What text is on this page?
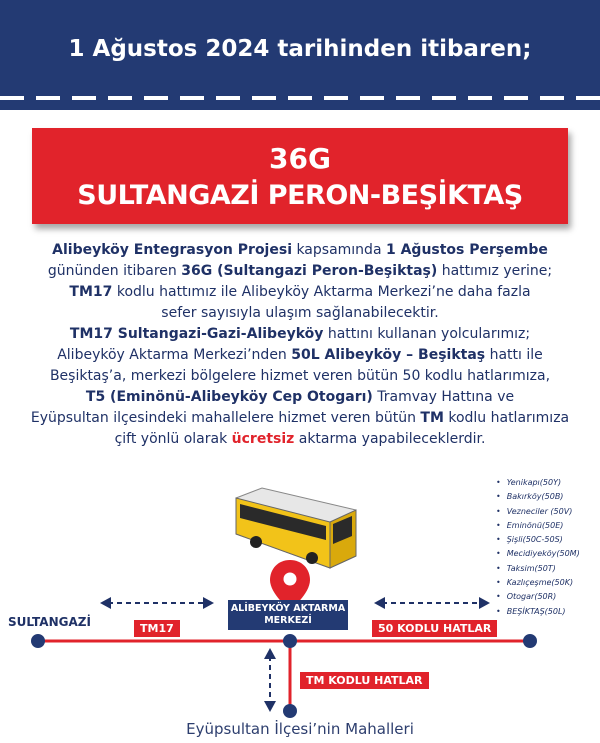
1 Ağustos 2024 tarihinden itibaren;
36G
SULTANGAZİ PERON-BEŞİKTAŞ
Alibeyköy Entegrasyon Projesi kapsamında 1 Ağustos Perşembe
gününden itibaren 36G (Sultangazi Peron-Beşiktaş) hattımız yerine;
TM17 kodlu hattımız ile Alibeyköy Aktarma Merkezi’ne daha fazla
sefer sayısıyla ulaşım sağlanabilecektir.
TM17 Sultangazi-Gazi-Alibeyköy hattını kullanan yolcularımız;
Alibeyköy Aktarma Merkezi’nden 50L Alibeyköy – Beşiktaş hattı ile
Beşiktaş’a, merkezi bölgelere hizmet veren bütün 50 kodlu hatlarımıza,
T5 (Eminönü-Alibeyköy Cep Otogarı) Tramvay Hattına ve
Eyüpsultan ilçesindeki mahallelere hizmet veren bütün TM kodlu hatlarımıza
çift yönlü olarak ücretsiz aktarma yapabileceklerdir.
SULTANGAZİ	TM17
ALİBEYKÖY AKTARMA
MERKEZİ
50 KODLU HATLAR
TM KODLU HATLAR
Eyüpsultan İlçesi’nin Mahalleri
• Yenikapı(50Y)
• Bakırköy(50B)
• Vezneciler (50V)
• Eminönü(50E)
• Şişli(50C-50S)
• Mecidiyeköy(50M)
• Taksim(50T)
• Kazlıçeşme(50K)
• Otogar(50R)
• BEŞİKTAŞ(50L)
